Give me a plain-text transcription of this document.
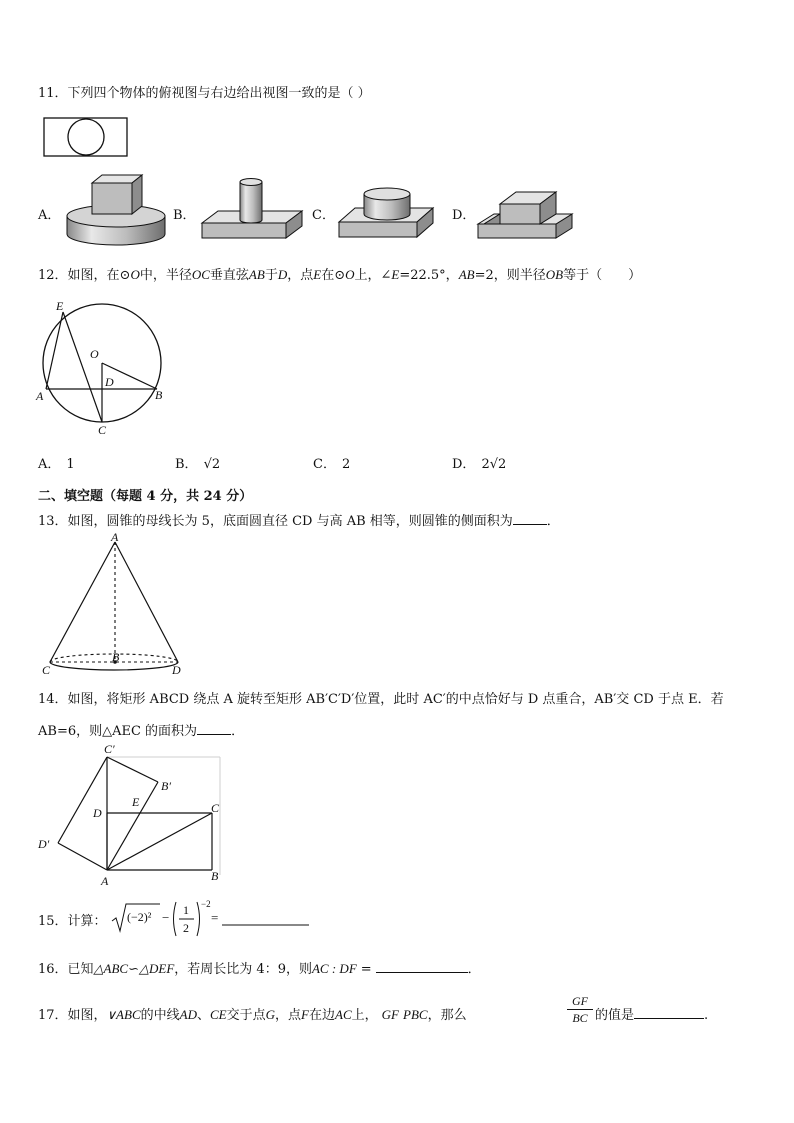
11．下列四个物体的俯视图与右边给出视图一致的是（ ）
A．	B．	C．	D．
12．如图，在⊙O中，半径OC垂直弦AB于D，点E在⊙O上，∠E=22.5°，AB=2，则半径OB等于（　　）
E
O
D
A	B
C
A． 1	B． √2	C． 2	D． 2√2
二、填空题（每题 4 分，共 24 分）
13．如图，圆锥的母线长为 5，底面圆直径 CD 与高 AB 相等，则圆锥的侧面积为	．
A
B
C	D
14．如图，将矩形 ABCD 绕点 A 旋转至矩形 AB′C′D′位置，此时 AC′的中点恰好与 D 点重合，AB′交 CD 于点 E．若
AB=6，则△AEC 的面积为	．
C′
B′
E
D	C
D′
A	B
15．计算： (−2)² − 1
2
−2
=
16．已知△ABC∽△DEF，若周长比为 4：9，则AC : DF =	．
17．如图，∨ABC的中线AD、CE交于点G，点F在边AC上， GF PBC，那么
GF
BC 的值是	.
